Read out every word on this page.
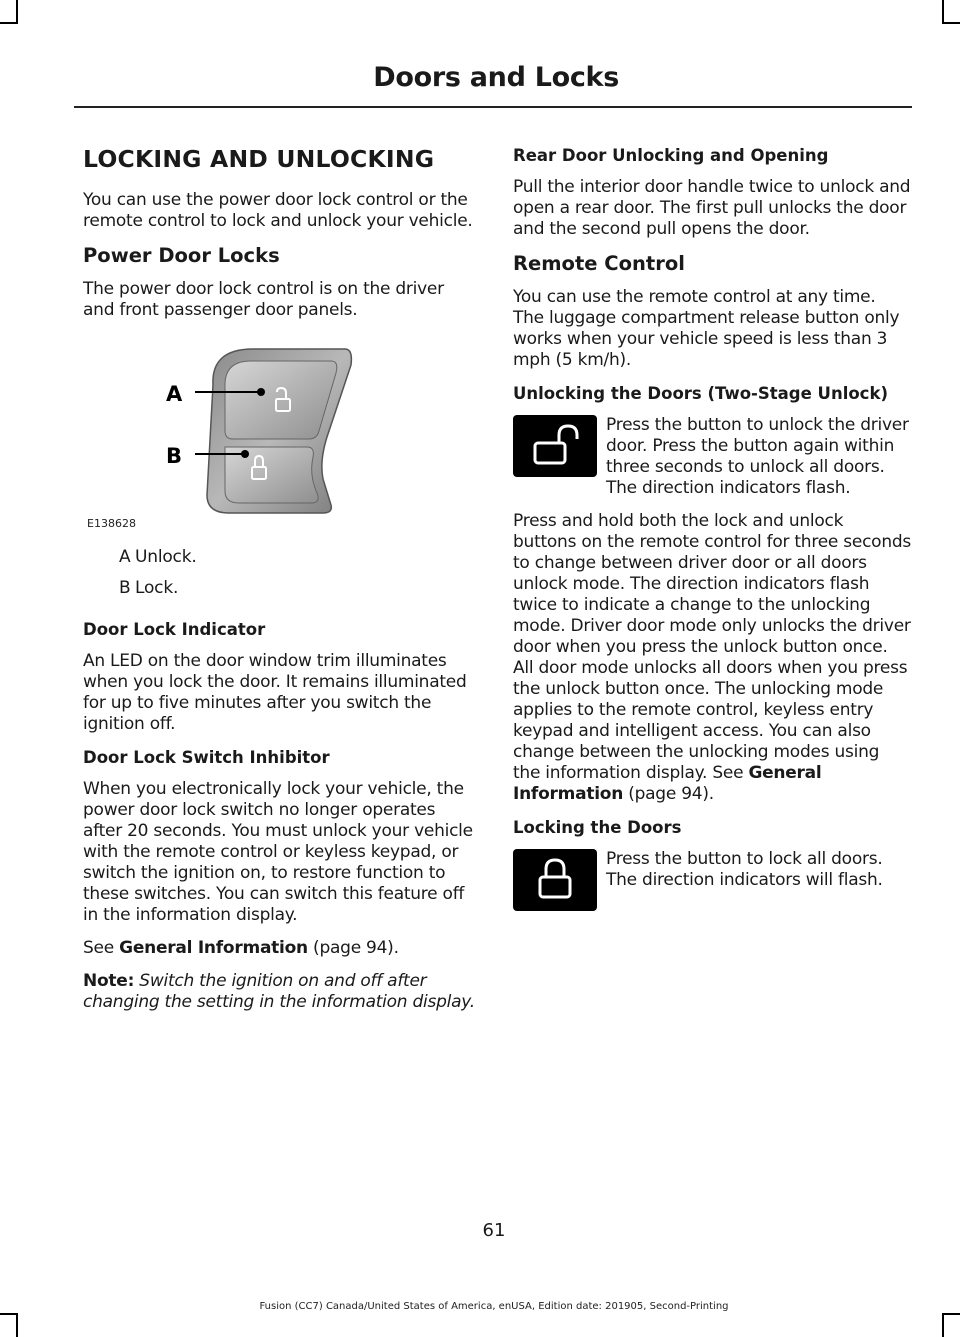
Doors and Locks
LOCKING AND UNLOCKING

You can use the power door lock control or the remote control to lock and unlock your vehicle.

Power Door Locks

The power door lock control is on the driver and front passenger door panels.

A
B
E138628
A Unlock.
B Lock.
Door Lock Indicator

An LED on the door window trim illuminates when you lock the door. It remains illuminated for up to five minutes after you switch the ignition off.

Door Lock Switch Inhibitor

When you electronically lock your vehicle, the power door lock switch no longer operates after 20 seconds. You must unlock your vehicle with the remote control or keyless keypad, or switch the ignition on, to restore function to these switches. You can switch this feature off in the information display.

See General Information (page 94).

Note: Switch the ignition on and off after changing the setting in the information display.

Rear Door Unlocking and Opening

Pull the interior door handle twice to unlock and open a rear door. The first pull unlocks the door and the second pull opens the door.

Remote Control

You can use the remote control at any time. The luggage compartment release button only works when your vehicle speed is less than 3 mph (5 km/h).

Unlocking the Doors (Two-Stage Unlock)

Press the button to unlock the driver door. Press the button again within three seconds to unlock all doors. The direction indicators flash.

Press and hold both the lock and unlock buttons on the remote control for three seconds to change between driver door or all doors unlock mode. The direction indicators flash twice to indicate a change to the unlocking mode. Driver door mode only unlocks the driver door when you press the unlock button once. All door mode unlocks all doors when you press the unlock button once. The unlocking mode applies to the remote control, keyless entry keypad and intelligent access. You can also change between the unlocking modes using the information display. See General Information (page 94).

Locking the Doors

Press the button to lock all doors. The direction indicators will flash.

61
Fusion (CC7) Canada/United States of America, enUSA, Edition date: 201905, Second-Printing
